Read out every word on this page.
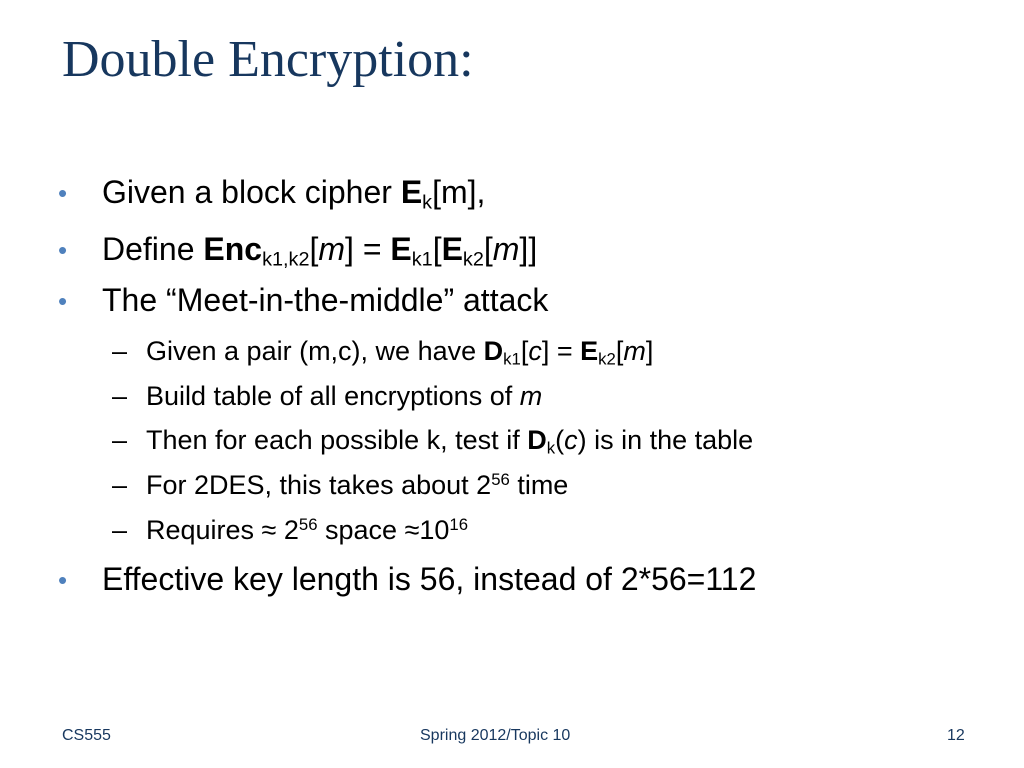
Double Encryption:
• Given a block cipher $E_k[m]$,
• Define $Enc_{k1,k2}[m] = E_{k1}[E_{k2}[m]]$
• The “Meet-in-the-middle” attack
– Given a pair (m,c), we have $D_{k1}[c] = E_{k2}[m]$
– Build table of all encryptions of m
– Then for each possible k, test if $D_k(c)$ is in the table
– For 2DES, this takes about $2^{56}$ time
– Requires ≈ $2^{56}$ space $\approx 10^{16}$
• Effective key length is 56, instead of 2*56=112
CS555	Spring 2012/Topic 10	12
